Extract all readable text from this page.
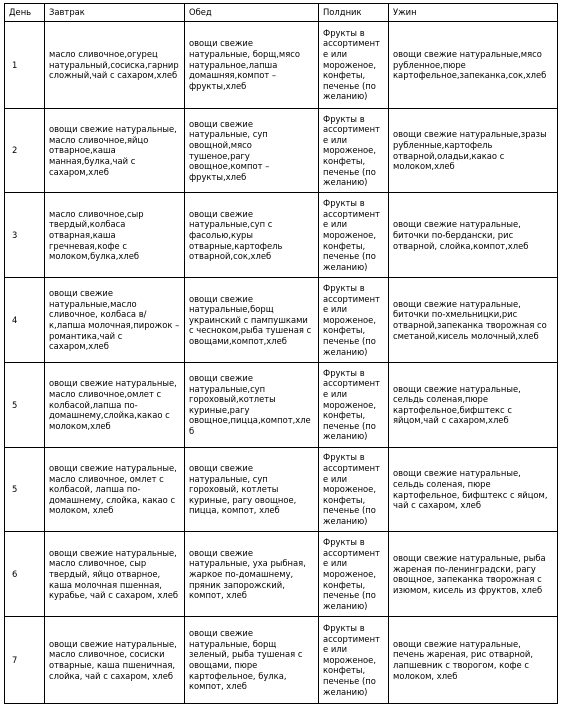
День	Завтрак	Обед	Полдник	Ужин
1	масло сливочное,огурец натуральный,сосиска,гарнир сложный,чай с сахаром,хлеб	овощи свежие натуральные, борщ,мясо натуральное,лапша домашняя,компот – фрукты,хлеб	Фрукты в ассортименте или мороженое, конфеты, печенье (по желанию)	овощи свежие натуральные,мясо рубленное,пюре картофельное,запеканка,сок,хлеб
2	овощи свежие натуральные, масло сливочное,яйцо отварное,каша манная,булка,чай с сахаром,хлеб	овощи свежие натуральные, суп овощной,мясо тушеное,рагу овощное,компот – фрукты,хлеб	Фрукты в ассортименте или мороженое, конфеты, печенье (по желанию)	овощи свежие натуральные,зразы рубленные,картофель отварной,оладьи,какао с молоком,хлеб
3	масло сливочное,сыр твердый,колбаса отварная,каша гречневая,кофе с молоком,булка,хлеб	овощи свежие натуральные,суп с фасолью,куры отварные,картофель отварной,сок,хлеб	Фрукты в ассортименте или мороженое, конфеты, печенье (по желанию)	овощи свежие натуральные, биточки по-бердански, рис отварной, слойка,компот,хлеб
4	овощи свежие натуральные,масло сливочное, колбаса в/к,лапша молочная,пирожок – романтика,чай с сахаром,хлеб	овощи свежие натуральные,борщ украинский с пампушками с чесноком,рыба тушеная с овощами,компот,хлеб	Фрукты в ассортименте или мороженое, конфеты, печенье (по желанию)	овощи свежие натуральные, биточки по-хмельницки,рис отварной,запеканка творожная со сметаной,кисель молочный,хлеб
5	овощи свежие натуральные, масло сливочное,омлет с колбасой,лапша по-домашнему,слойка,какао с молоком,хлеб	овощи свежие натуральные,суп гороховый,котлеты куриные,рагу овощное,пицца,компот,хлеб	Фрукты в ассортименте или мороженое, конфеты, печенье (по желанию)	овощи свежие натуральные, сельдь соленая,пюре картофельное,бифштекс с яйцом,чай с сахаром,хлеб
5	овощи свежие натуральные, масло сливочное, омлет с колбасой, лапша по-домашнему, слойка, какао с молоком, хлеб	овощи свежие натуральные, суп гороховый, котлеты куриные, рагу овощное, пицца, компот, хлеб	Фрукты в ассортименте или мороженое, конфеты, печенье (по желанию)	овощи свежие натуральные, сельдь соленая, пюре картофельное, бифштекс с яйцом, чай с сахаром, хлеб
6	овощи свежие натуральные, масло сливочное, сыр твердый, яйцо отварное, каша молочная пшенная, курабье, чай с сахаром, хлеб	овощи свежие натуральные, уха рыбная, жаркое по-домашнему, пряник запорожский, компот, хлеб	Фрукты в ассортименте или мороженое, конфеты, печенье (по желанию)	овощи свежие натуральные, рыба жареная по-ленинградски, рагу овощное, запеканка творожная с изюмом, кисель из фруктов, хлеб
7	овощи свежие натуральные, масло сливочное, сосиски отварные, каша пшеничная, слойка, чай с сахаром, хлеб	овощи свежие натуральные, борщ зеленый, рыба тушеная с овощами, пюре картофельное, булка, компот, хлеб	Фрукты в ассортименте или мороженое, конфеты, печенье (по желанию)	овощи свежие натуральные, печень жареная, рис отварной, лапшевник с творогом, кофе с молоком, хлеб
